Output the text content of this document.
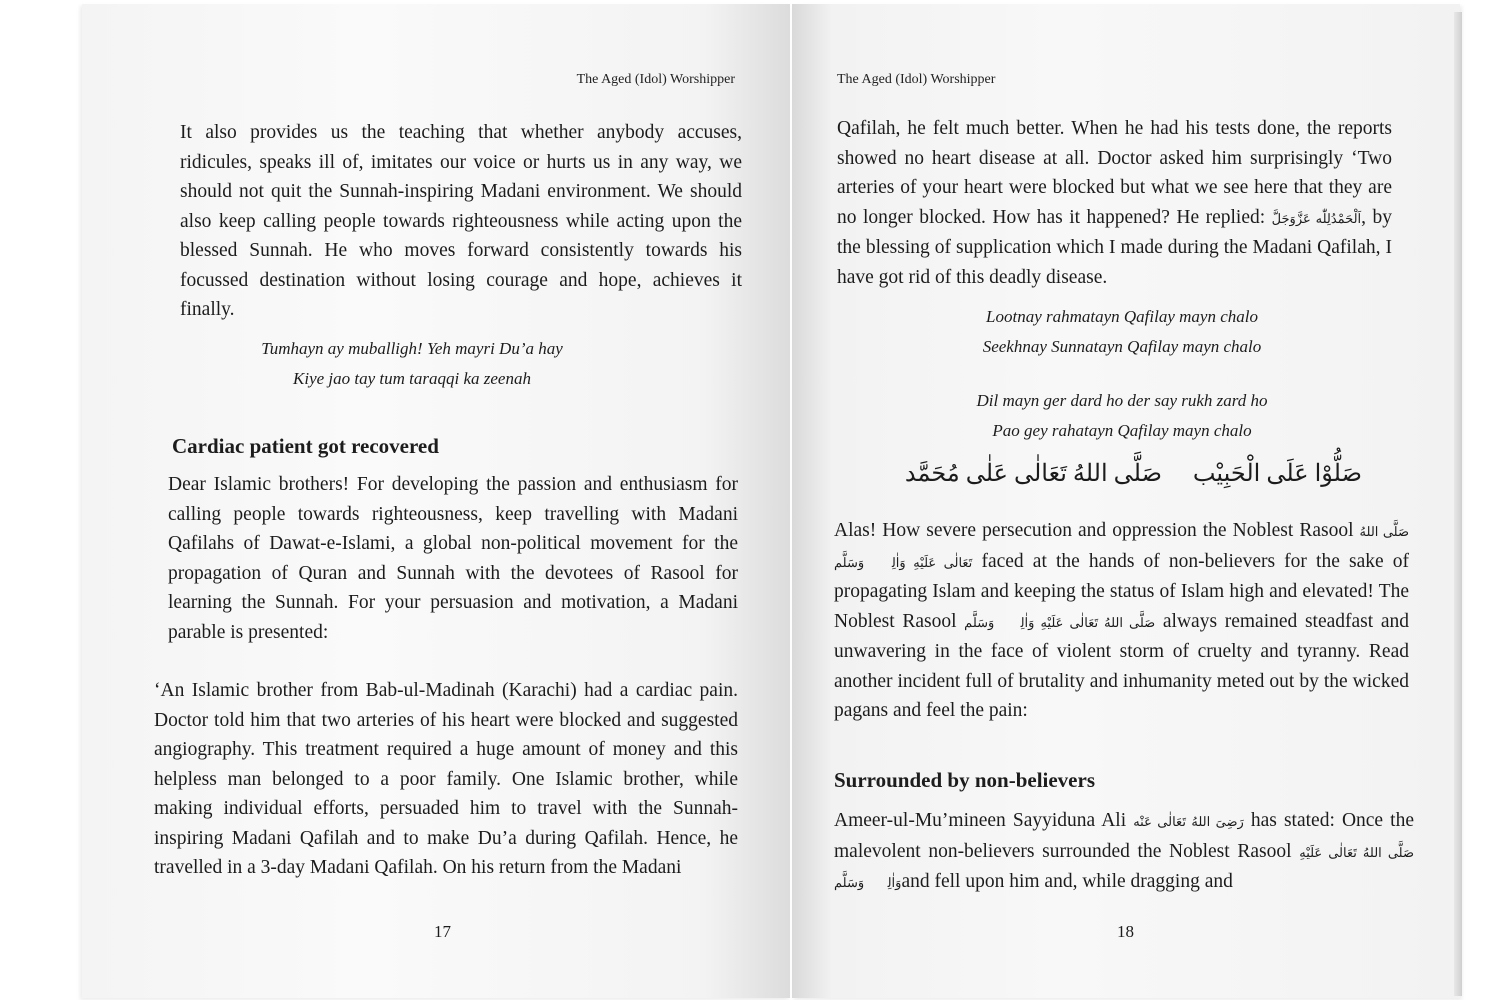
The Aged (Idol) Worshipper
It also provides us the teaching that whether anybody accuses, ridicules, speaks ill of, imitates our voice or hurts us in any way, we should not quit the Sunnah-inspiring Madani environment. We should also keep calling people towards righteousness while acting upon the blessed Sunnah. He who moves forward consistently towards his focussed destination without losing courage and hope, achieves it finally.
Tumhayn ay muballigh! Yeh mayri Du’a hay
Kiye jao tay tum taraqqi ka zeenah
Cardiac patient got recovered
Dear Islamic brothers! For developing the passion and enthusiasm for calling people towards righteousness, keep travelling with Madani Qafilahs of Dawat-e-Islami, a global non-political movement for the propagation of Quran and Sunnah with the devotees of Rasool for learning the Sunnah. For your persuasion and motivation, a Madani parable is presented:
‘An Islamic brother from Bab-ul-Madinah (Karachi) had a cardiac pain. Doctor told him that two arteries of his heart were blocked and suggested angiography. This treatment required a huge amount of money and this helpless man belonged to a poor family. One Islamic brother, while making individual efforts, persuaded him to travel with the Sunnah-inspiring Madani Qafilah and to make Du’a during Qafilah. Hence, he travelled in a 3-day Madani Qafilah. On his return from the Madani
17
The Aged (Idol) Worshipper
Qafilah, he felt much better. When he had his tests done, the reports showed no heart disease at all. Doctor asked him surprisingly ‘Two arteries of your heart were blocked but what we see here that they are no longer blocked. How has it happened? He replied: اَلْحَمْدُلِلّٰه عَزَّوَجَلَّ, by the blessing of supplication which I made during the Madani Qafilah, I have got rid of this deadly disease.
Lootnay rahmatayn Qafilay mayn chalo
Seekhnay Sunnatayn Qafilay mayn chalo
Dil mayn ger dard ho der say rukh zard ho
Pao gey rahatayn Qafilay mayn chalo
صَلُّوْا عَلَى الْحَبِيْب
صَلَّى اللهُ تَعَالٰى عَلٰى مُحَمَّد
Alas! How severe persecution and oppression the Noblest Rasool صَلَّى اللهُ تَعَالٰى عَلَيْهِ وَاٰلِهٖ وَسَلَّم faced at the hands of non-believers for the sake of propagating Islam and keeping the status of Islam high and elevated! The Noblest Rasool صَلَّى اللهُ تَعَالٰى عَلَيْهِ وَاٰلِهٖ وَسَلَّم always remained steadfast and unwavering in the face of violent storm of cruelty and tyranny. Read another incident full of brutality and inhumanity meted out by the wicked pagans and feel the pain:
Surrounded by non-believers
Ameer-ul-Mu’mineen Sayyiduna Ali رَضِىَ اللهُ تَعَالٰى عَنْه has stated: Once the malevolent non-believers surrounded the Noblest Rasool صَلَّى اللهُ تَعَالٰى عَلَيْهِ وَاٰلِهٖ وَسَلَّمand fell upon him and, while dragging and
18
